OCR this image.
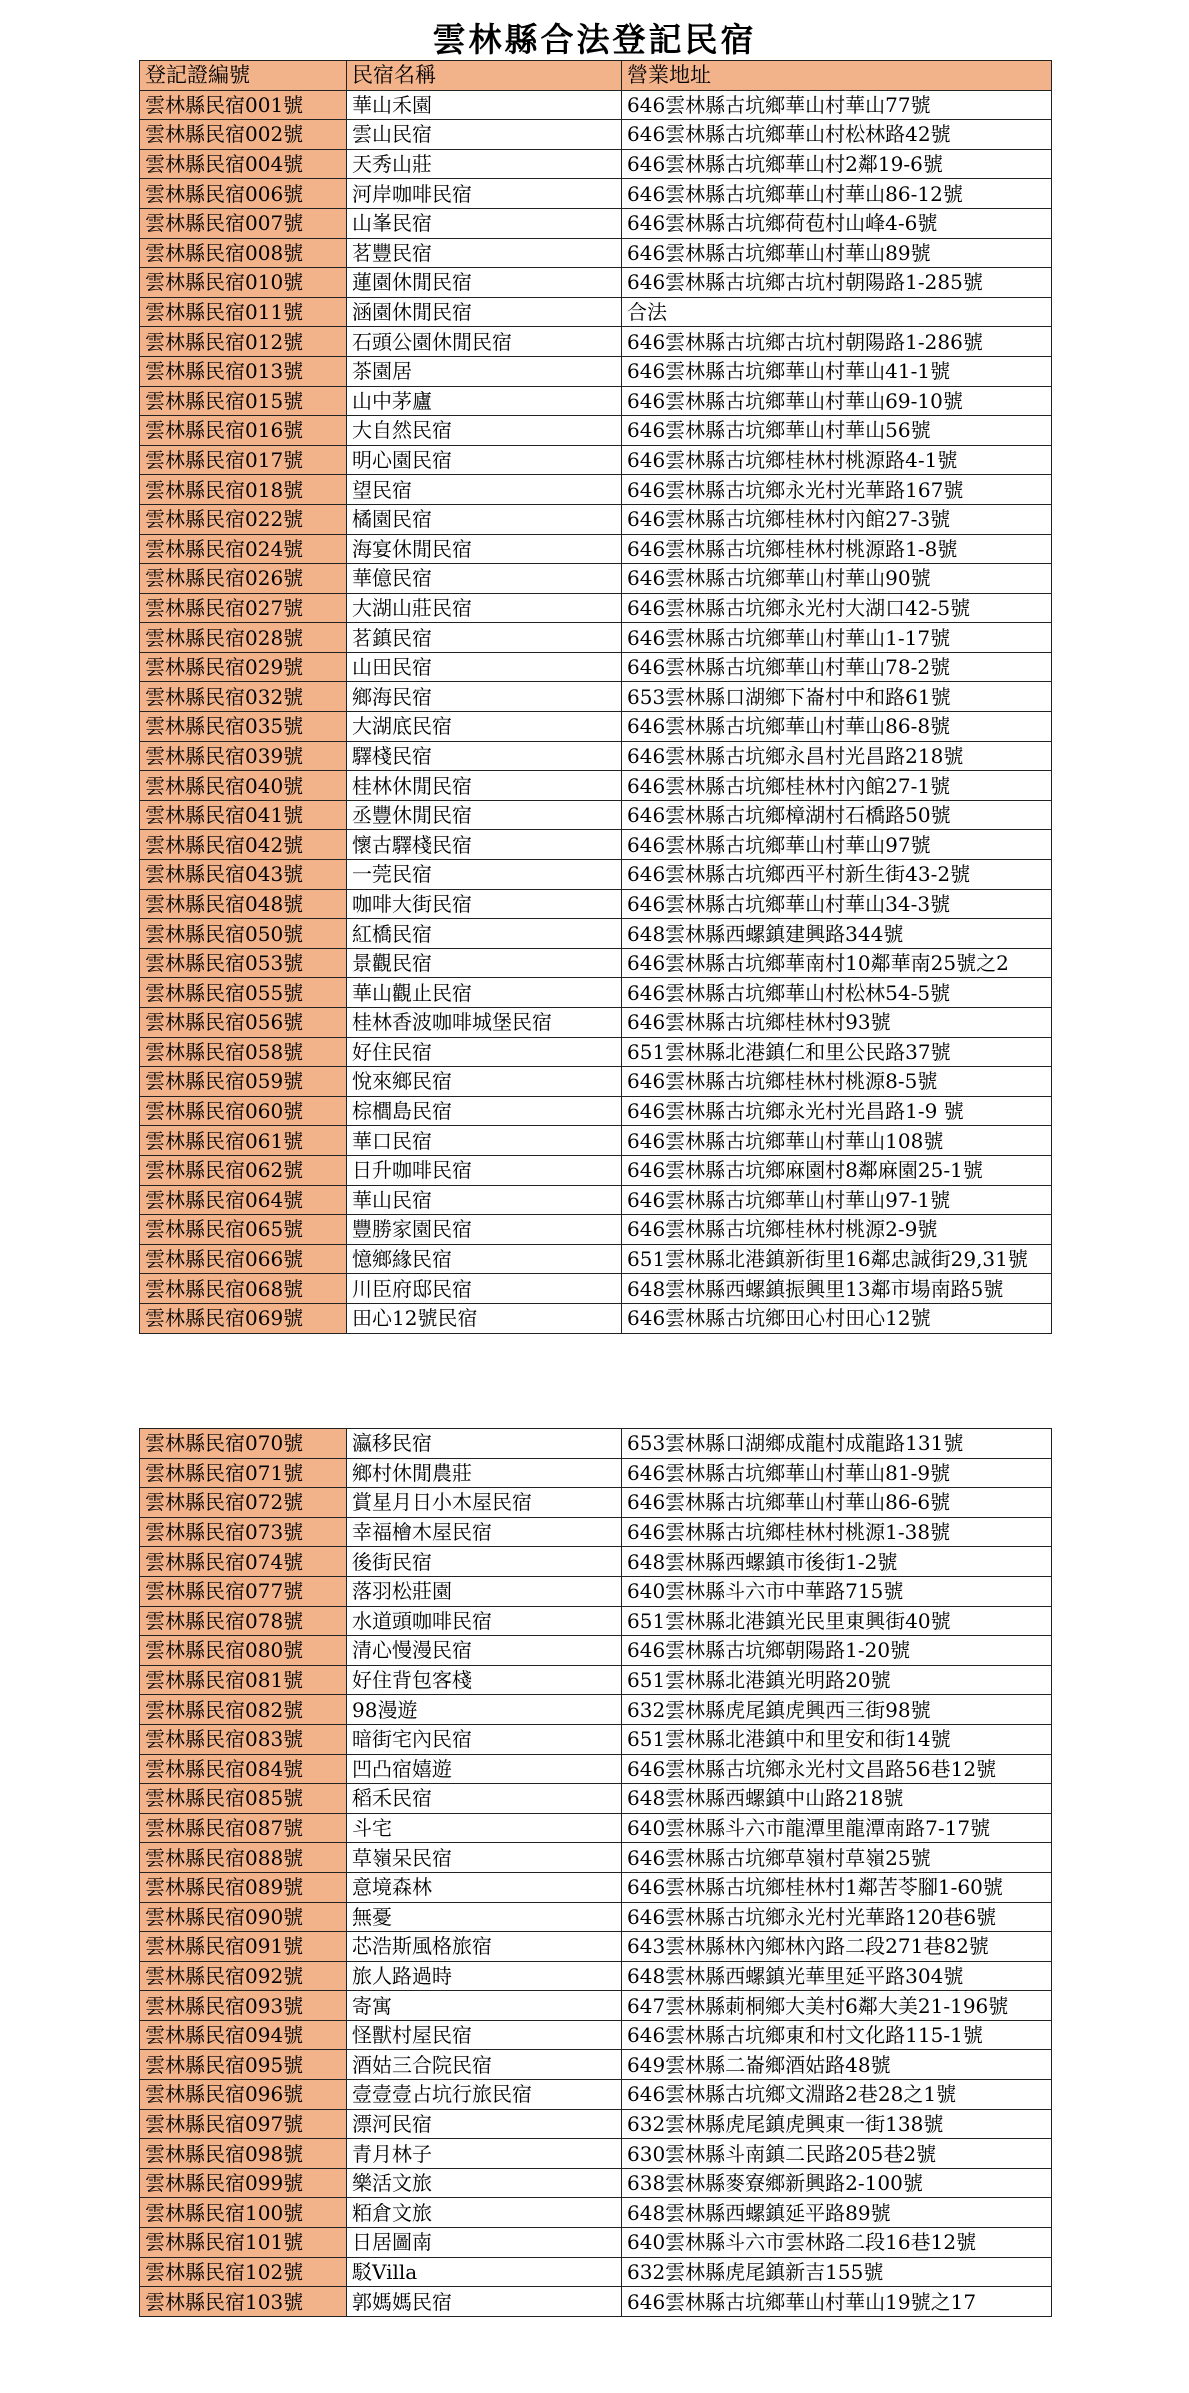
雲林縣合法登記民宿
登記證編號	民宿名稱	營業地址
雲林縣民宿001號	華山禾園	646雲林縣古坑鄉華山村華山77號
雲林縣民宿002號	雲山民宿	646雲林縣古坑鄉華山村松林路42號
雲林縣民宿004號	天秀山莊	646雲林縣古坑鄉華山村2鄰19-6號
雲林縣民宿006號	河岸咖啡民宿	646雲林縣古坑鄉華山村華山86-12號
雲林縣民宿007號	山峯民宿	646雲林縣古坑鄉荷苞村山峰4-6號
雲林縣民宿008號	茗豐民宿	646雲林縣古坑鄉華山村華山89號
雲林縣民宿010號	蓮園休閒民宿	646雲林縣古坑鄉古坑村朝陽路1-285號
雲林縣民宿011號	涵園休閒民宿	合法
雲林縣民宿012號	石頭公園休閒民宿	646雲林縣古坑鄉古坑村朝陽路1-286號
雲林縣民宿013號	茶園居	646雲林縣古坑鄉華山村華山41-1號
雲林縣民宿015號	山中茅廬	646雲林縣古坑鄉華山村華山69-10號
雲林縣民宿016號	大自然民宿	646雲林縣古坑鄉華山村華山56號
雲林縣民宿017號	明心園民宿	646雲林縣古坑鄉桂林村桃源路4-1號
雲林縣民宿018號	望民宿	646雲林縣古坑鄉永光村光華路167號
雲林縣民宿022號	橘園民宿	646雲林縣古坑鄉桂林村內館27-3號
雲林縣民宿024號	海宴休閒民宿	646雲林縣古坑鄉桂林村桃源路1-8號
雲林縣民宿026號	華億民宿	646雲林縣古坑鄉華山村華山90號
雲林縣民宿027號	大湖山莊民宿	646雲林縣古坑鄉永光村大湖口42-5號
雲林縣民宿028號	茗鎮民宿	646雲林縣古坑鄉華山村華山1-17號
雲林縣民宿029號	山田民宿	646雲林縣古坑鄉華山村華山78-2號
雲林縣民宿032號	鄉海民宿	653雲林縣口湖鄉下崙村中和路61號
雲林縣民宿035號	大湖底民宿	646雲林縣古坑鄉華山村華山86-8號
雲林縣民宿039號	驛棧民宿	646雲林縣古坑鄉永昌村光昌路218號
雲林縣民宿040號	桂林休閒民宿	646雲林縣古坑鄉桂林村內館27-1號
雲林縣民宿041號	丞豐休閒民宿	646雲林縣古坑鄉樟湖村石橋路50號
雲林縣民宿042號	懷古驛棧民宿	646雲林縣古坑鄉華山村華山97號
雲林縣民宿043號	一莞民宿	646雲林縣古坑鄉西平村新生街43-2號
雲林縣民宿048號	咖啡大街民宿	646雲林縣古坑鄉華山村華山34-3號
雲林縣民宿050號	紅橋民宿	648雲林縣西螺鎮建興路344號
雲林縣民宿053號	景觀民宿	646雲林縣古坑鄉華南村10鄰華南25號之2
雲林縣民宿055號	華山觀止民宿	646雲林縣古坑鄉華山村松林54-5號
雲林縣民宿056號	桂林香波咖啡城堡民宿	646雲林縣古坑鄉桂林村93號
雲林縣民宿058號	好住民宿	651雲林縣北港鎮仁和里公民路37號
雲林縣民宿059號	悅來鄉民宿	646雲林縣古坑鄉桂林村桃源8-5號
雲林縣民宿060號	棕櫚島民宿	646雲林縣古坑鄉永光村光昌路1-9 號
雲林縣民宿061號	華口民宿	646雲林縣古坑鄉華山村華山108號
雲林縣民宿062號	日升咖啡民宿	646雲林縣古坑鄉麻園村8鄰麻園25-1號
雲林縣民宿064號	華山民宿	646雲林縣古坑鄉華山村華山97-1號
雲林縣民宿065號	豐勝家園民宿	646雲林縣古坑鄉桂林村桃源2-9號
雲林縣民宿066號	憶鄉緣民宿	651雲林縣北港鎮新街里16鄰忠誠街29,31號
雲林縣民宿068號	川臣府邸民宿	648雲林縣西螺鎮振興里13鄰市場南路5號
雲林縣民宿069號	田心12號民宿	646雲林縣古坑鄉田心村田心12號
雲林縣民宿070號	瀛移民宿	653雲林縣口湖鄉成龍村成龍路131號
雲林縣民宿071號	鄉村休閒農莊	646雲林縣古坑鄉華山村華山81-9號
雲林縣民宿072號	賞星月日小木屋民宿	646雲林縣古坑鄉華山村華山86-6號
雲林縣民宿073號	幸福檜木屋民宿	646雲林縣古坑鄉桂林村桃源1-38號
雲林縣民宿074號	後街民宿	648雲林縣西螺鎮市後街1-2號
雲林縣民宿077號	落羽松莊園	640雲林縣斗六市中華路715號
雲林縣民宿078號	水道頭咖啡民宿	651雲林縣北港鎮光民里東興街40號
雲林縣民宿080號	清心慢漫民宿	646雲林縣古坑鄉朝陽路1-20號
雲林縣民宿081號	好住背包客棧	651雲林縣北港鎮光明路20號
雲林縣民宿082號	98漫遊	632雲林縣虎尾鎮虎興西三街98號
雲林縣民宿083號	暗街宅內民宿	651雲林縣北港鎮中和里安和街14號
雲林縣民宿084號	凹凸宿嬉遊	646雲林縣古坑鄉永光村文昌路56巷12號
雲林縣民宿085號	稻禾民宿	648雲林縣西螺鎮中山路218號
雲林縣民宿087號	斗宅	640雲林縣斗六市龍潭里龍潭南路7-17號
雲林縣民宿088號	草嶺呆民宿	646雲林縣古坑鄉草嶺村草嶺25號
雲林縣民宿089號	意境森林	646雲林縣古坑鄉桂林村1鄰苦苓腳1-60號
雲林縣民宿090號	無憂	646雲林縣古坑鄉永光村光華路120巷6號
雲林縣民宿091號	芯浩斯風格旅宿	643雲林縣林內鄉林內路二段271巷82號
雲林縣民宿092號	旅人路過時	648雲林縣西螺鎮光華里延平路304號
雲林縣民宿093號	寄寓	647雲林縣莿桐鄉大美村6鄰大美21-196號
雲林縣民宿094號	怪獸村屋民宿	646雲林縣古坑鄉東和村文化路115-1號
雲林縣民宿095號	酒姑三合院民宿	649雲林縣二崙鄉酒姑路48號
雲林縣民宿096號	壹壹壹占坑行旅民宿	646雲林縣古坑鄉文淵路2巷28之1號
雲林縣民宿097號	漂河民宿	632雲林縣虎尾鎮虎興東一街138號
雲林縣民宿098號	青月林子	630雲林縣斗南鎮二民路205巷2號
雲林縣民宿099號	樂活文旅	638雲林縣麥寮鄉新興路2-100號
雲林縣民宿100號	粨倉文旅	648雲林縣西螺鎮延平路89號
雲林縣民宿101號	日居圖南	640雲林縣斗六市雲林路二段16巷12號
雲林縣民宿102號	駁Villa	632雲林縣虎尾鎮新吉155號
雲林縣民宿103號	郭媽媽民宿	646雲林縣古坑鄉華山村華山19號之17
